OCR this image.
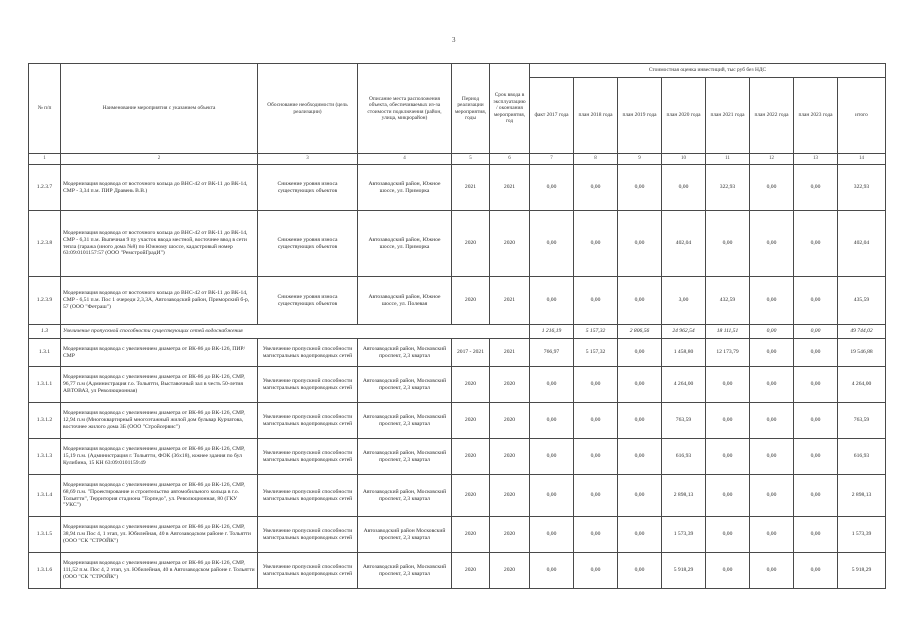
3
№ п/п	Наименование мероприятия с указанием объекта	Обоснование необходимости (цель реализации)	Описание места расположения объекта, обеспечиваемых из-за стоимости подключения (район, улица, микрорайон)	Период реализации мероприятия, годы	Срок ввода в эксплуатацию / окончания мероприятия, год	Стоимостная оценка инвестиций, тыс руб без НДС							
						факт 2017 года	план 2018 года	план 2019 года	план 2020 года	план 2021 года	план 2022 года	план 2023 года	итого
1	2	3	4	5	6	7	8	9	10	11	12	13	14
1.2.3.7	Модернизация водовода от восточного кольца до ВНС-42 от ВК-11 до ВК-14, СМР - 3,34 п.м. ПИР Дравень В.В.)	Снижение уровня износа существующих объектов	Автозаводский район, Южное шоссе, ул. Приморка	2021	2021	0,00	0,00	0,00	0,00	322,93	0,00	0,00	322,93
1.2.3.8	Модернизация водовода от восточного кольца до ВНС-42 от ВК-11 до ВК-14, СМР - 6,31 п.м. Выпечная 9 пу участок ввода местной, восточнее ввод в сети тепла (гаража (иного дома №8) по Южному шоссе, кадастровый номер 63:09:0101157:57 (ООО "РемстройГрадИ")	Снижение уровня износа существующих объектов	Автозаводский район, Южное шоссе, ул. Приморка	2020	2020	0,00	0,00	0,00	402,04	0,00	0,00	0,00	402,04
1.2.3.9	Модернизация водовода от восточного кольца до ВНС-42 от ВК-11 до ВК-14, СМР - 6,51 п.м. Пос 1 очереди 2,3,3А, Автозаводский район, Приморский б-р, 57 (ООО "Фетраш")	Снижение уровня износа существующих объектов	Автозаводский район, Южное шоссе, ул. Полевая	2020	2021	0,00	0,00	0,00	3,00	432,59	0,00	0,00	435,59
1.3	Увеличение пропускной способности существующих сетей водоснабжения					1 216,19	5 157,32	2 806,56	24 962,54	18 111,51	0,00	0,00	49 744,02
1.3.1	Модернизация водовода с увеличением диаметра от ВК-86 до ВК-126, ПИР/СМР	Увеличение пропускной способности магистральных водопроводных сетей	Автозаводский район, Московский проспект, 2,3 квартал	2017 - 2021	2021	766,97	5 157,32	0,00	1 458,80	12 173,79	0,00	0,00	19 546,88
1.3.1.1	Модернизация водовода с увеличением диаметра от ВК-86 до ВК-126, СМР, 96,77 п.м (Администрация г.о. Тольятти, Выставочный зал в честь 50-летия АВТОВАЗ, ул Революционная)	Увеличение пропускной способности магистральных водопроводных сетей	Автозаводский район, Московский проспект, 2,3 квартал	2020	2020	0,00	0,00	0,00	4 264,00	0,00	0,00	0,00	4 264,00
1.3.1.2	Модернизация водовода с увеличением диаметра от ВК-86 до ВК-126, СМР, 12,94 п.м (Многоквартирный многоэтажный жилой дом бульвар Курчатова, восточнее жилого дома 3Б (ООО "Стройсервис")	Увеличение пропускной способности магистральных водопроводных сетей	Автозаводский район, Московский проспект, 2,3 квартал	2020	2020	0,00	0,00	0,00	763,59	0,00	0,00	0,00	763,59
1.3.1.3	Модернизация водовода с увеличением диаметра от ВК-86 до ВК-126, СМР, 15,19 п.м. (Администрация г. Тольятти, ФОК (36х18), южнее здания по бул Кулибина, 15 КН 63:09:0101159:49	Увеличение пропускной способности магистральных водопроводных сетей	Автозаводский район, Московский проспект, 2,3 квартал	2020	2020	0,00	0,00	0,00	616,93	0,00	0,00	0,00	616,93
1.3.1.4	Модернизация водовода с увеличением диаметра от ВК-86 до ВК-126, СМР, 68,69 п.м. "Проектирование и строительство автомобильного кольца в г.о. Тольятти", Территория стадиона "Торпедо", ул. Революционная, 80 (ГКУ "УКС")	Увеличение пропускной способности магистральных водопроводных сетей	Автозаводский район, Московский проспект, 2,3 квартал	2020	2020	0,00	0,00	0,00	2 898,13	0,00	0,00	0,00	2 898,13
1.3.1.5	Модернизация водовода с увеличением диаметра от ВК-86 до ВК-126, СМР, 38,94 п.м Пос 4, 1 этап, ул. Юбилейная, 40 в Автозаводском районе г. Тольятти (ООО "СК "СТРОЙК")	Увеличение пропускной способности магистральных водопроводных сетей	Автозаводский район Московский проспект, 2,3 квартал	2020	2020	0,00	0,00	0,00	1 573,39	0,00	0,00	0,00	1 573,39
1.3.1.6	Модернизация водовода с увеличением диаметра от ВК-86 до ВК-126, СМР, 111,52 п.м. Пос 4, 2 этап, ул. Юбилейная, 40 в Автозаводском районе г. Тольятти (ООО "СК "СТРОЙК")	Увеличение пропускной способности магистральных водопроводных сетей	Автозаводский район, Московский проспект, 2,3 квартал	2020	2020	0,00	0,00	0,00	5 918,29	0,00	0,00	0,00	5 918,29
